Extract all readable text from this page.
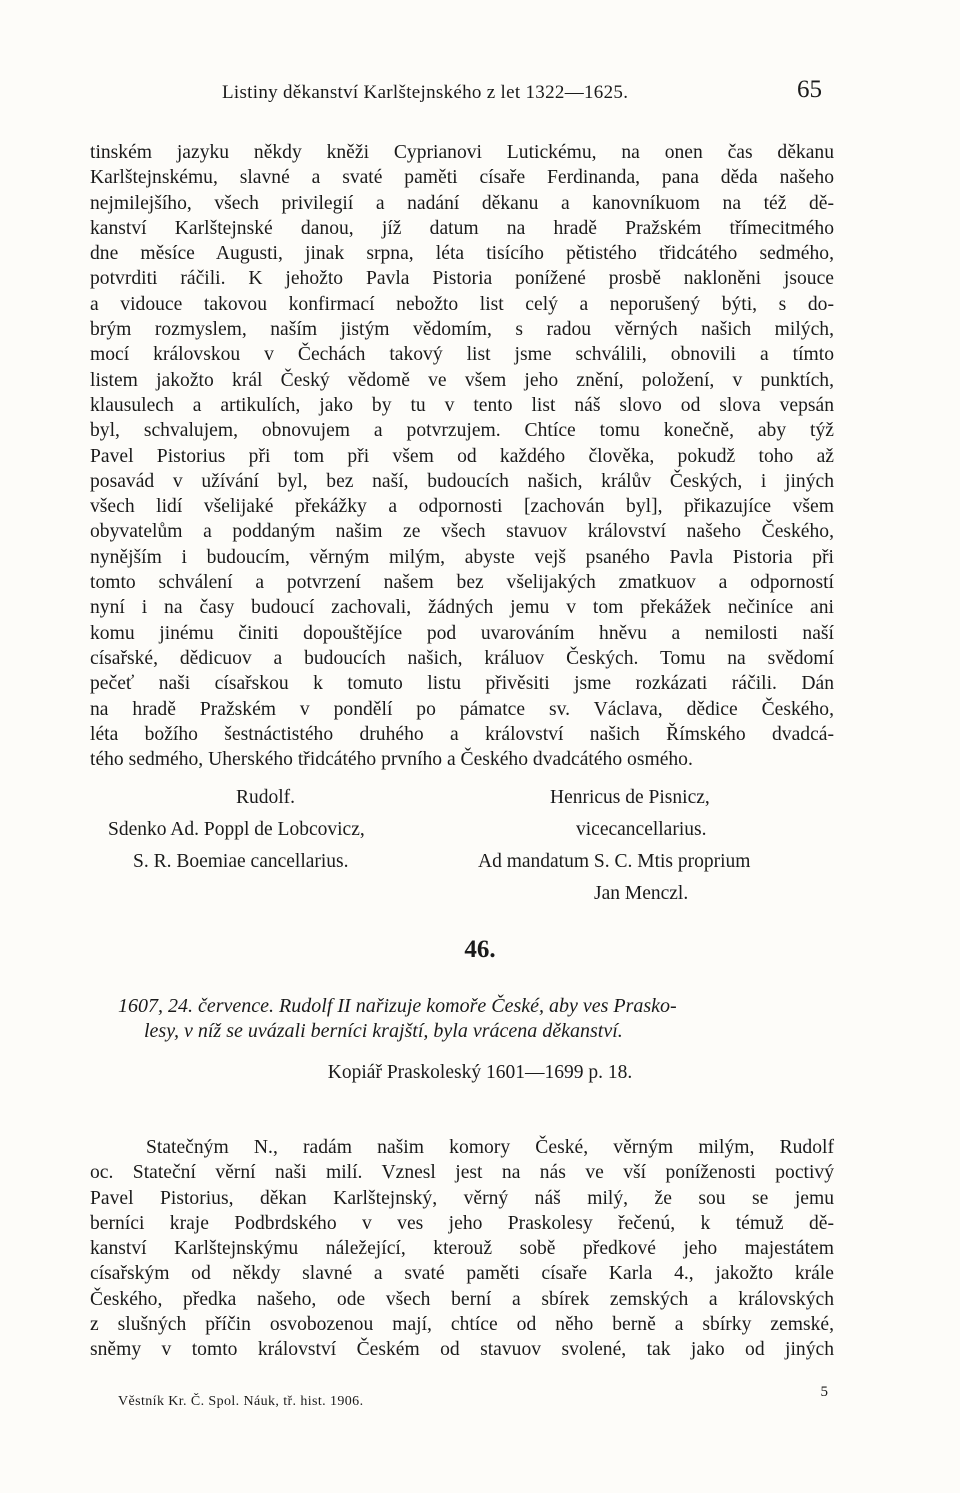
Listiny děkanství Karlštejnského z let 1322—1625.	65
tinském jazyku někdy kněži Cyprianovi Lutickému, na onen čas děkanu
Karlštejnskému, slavné a svaté paměti císaře Ferdinanda, pana děda našeho
nejmilejšího, všech privilegií a nadání děkanu a kanovníkuom na též dě-
kanství Karlštejnské danou, jíž datum na hradě Pražském třímecitmého
dne měsíce Augusti, jinak srpna, léta tisícího pětistého třidcátého sedmého,
potvrditi ráčili. K jehožto Pavla Pistoria ponížené prosbě nakloněni jsouce
a vidouce takovou konfirmací nebožto list celý a neporušený býti, s do-
brým rozmyslem, naším jistým vědomím, s radou věrných našich milých,
mocí královskou v Čechách takový list jsme schválili, obnovili a tímto
listem jakožto král Český vědomě ve všem jeho znění, položení, v punktích,
klausulech a artikulích, jako by tu v tento list náš slovo od slova vepsán
byl, schvalujem, obnovujem a potvrzujem. Chtíce tomu konečně, aby týž
Pavel Pistorius při tom při všem od každého člověka, pokudž toho až
posavád v užívání byl, bez naší, budoucích našich, králův Českých, i jiných
všech lidí všelijaké překážky a odpornosti [zachován byl], přikazujíce všem
obyvatelům a poddaným našim ze všech stavuov království našeho Českého,
nynějším i budoucím, věrným milým, abyste vejš psaného Pavla Pistoria při
tomto schválení a potvrzení našem bez všelijakých zmatkuov a odporností
nyní i na časy budoucí zachovali, žádných jemu v tom překážek nečiníce ani
komu jinému činiti dopouštějíce pod uvarováním hněvu a nemilosti naší
císařské, dědicuov a budoucích našich, králuov Českých. Tomu na svědomí
pečeť naši císařskou k tomuto listu přivěsiti jsme rozkázati ráčili. Dán
na hradě Pražském v pondělí po pámatce sv. Václava, dědice Českého,
léta božího šestnáctistého druhého a království našich Římského dvadcá-
tého sedmého, Uherského třidcátého prvního a Českého dvadcátého osmého.
Rudolf.
Sdenko Ad. Poppl de Lobcovicz,
S. R. Boemiae cancellarius.
Henricus de Pisnicz,
vicecancellarius.
Ad mandatum S. C. Mtis proprium
Jan Menczl.
46.
1607, 24. července. Rudolf II nařizuje komoře České, aby ves Prasko-
lesy, v níž se uvázali berníci krajští, byla vrácena děkanství.
Kopiář Praskoleský 1601—1699 p. 18.
Statečným N., radám našim komory České, věrným milým, Rudolf
oc. Stateční věrní naši milí. Vznesl jest na nás ve vší poníženosti poctivý
Pavel Pistorius, děkan Karlštejnský, věrný náš milý, že sou se jemu
berníci kraje Podbrdského v ves jeho Praskolesy řečenú, k témuž dě-
kanství Karlštejnskýmu náležející, kterouž sobě předkové jeho majestátem
císařským od někdy slavné a svaté paměti císaře Karla 4., jakožto krále
Českého, předka našeho, ode všech berní a sbírek zemských a královských
z slušných příčin osvobozenou mají, chtíce od něho berně a sbírky zemské,
sněmy v tomto království Českém od stavuov svolené, tak jako od jiných
Věstník Kr. Č. Spol. Náuk, tř. hist. 1906.
5
